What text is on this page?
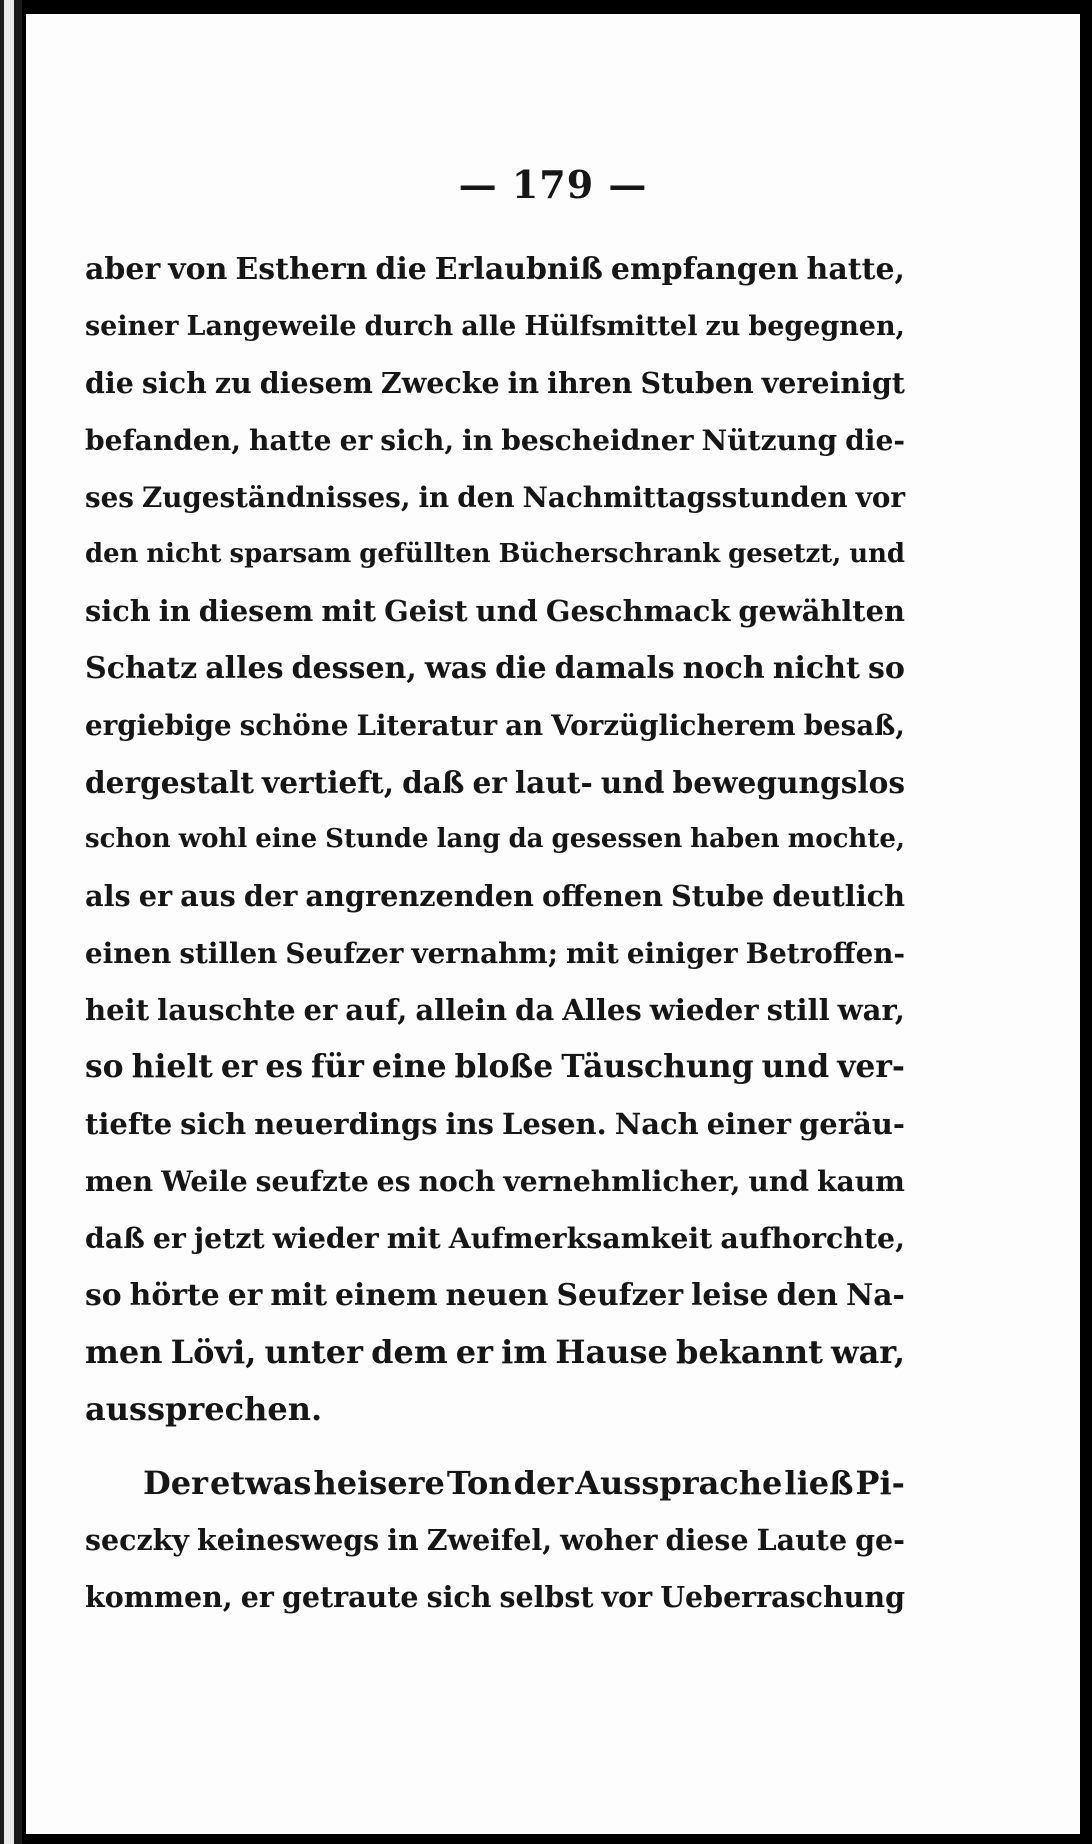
— 179 —
aber von Esthern die Erlaubniß empfangen hatte,
seiner Langeweile durch alle Hülfsmittel zu begegnen,
die sich zu diesem Zwecke in ihren Stuben vereinigt
befanden, hatte er sich, in bescheidner Nützung die-
ses Zugeständnisses, in den Nachmittagsstunden vor
den nicht sparsam gefüllten Bücherschrank gesetzt, und
sich in diesem mit Geist und Geschmack gewählten
Schatz alles dessen, was die damals noch nicht so
ergiebige schöne Literatur an Vorzüglicherem besaß,
dergestalt vertieft, daß er laut- und bewegungslos
schon wohl eine Stunde lang da gesessen haben mochte,
als er aus der angrenzenden offenen Stube deutlich
einen stillen Seufzer vernahm; mit einiger Betroffen-
heit lauschte er auf, allein da Alles wieder still war,
so hielt er es für eine bloße Täuschung und ver-
tiefte sich neuerdings ins Lesen. Nach einer geräu-
men Weile seufzte es noch vernehmlicher, und kaum
daß er jetzt wieder mit Aufmerksamkeit aufhorchte,
so hörte er mit einem neuen Seufzer leise den Na-
men Lövi, unter dem er im Hause bekannt war,
aussprechen.
Der etwas heisere Ton der Aussprache ließ Pi-
seczky keineswegs in Zweifel, woher diese Laute ge-
kommen, er getraute sich selbst vor Ueberraschung
